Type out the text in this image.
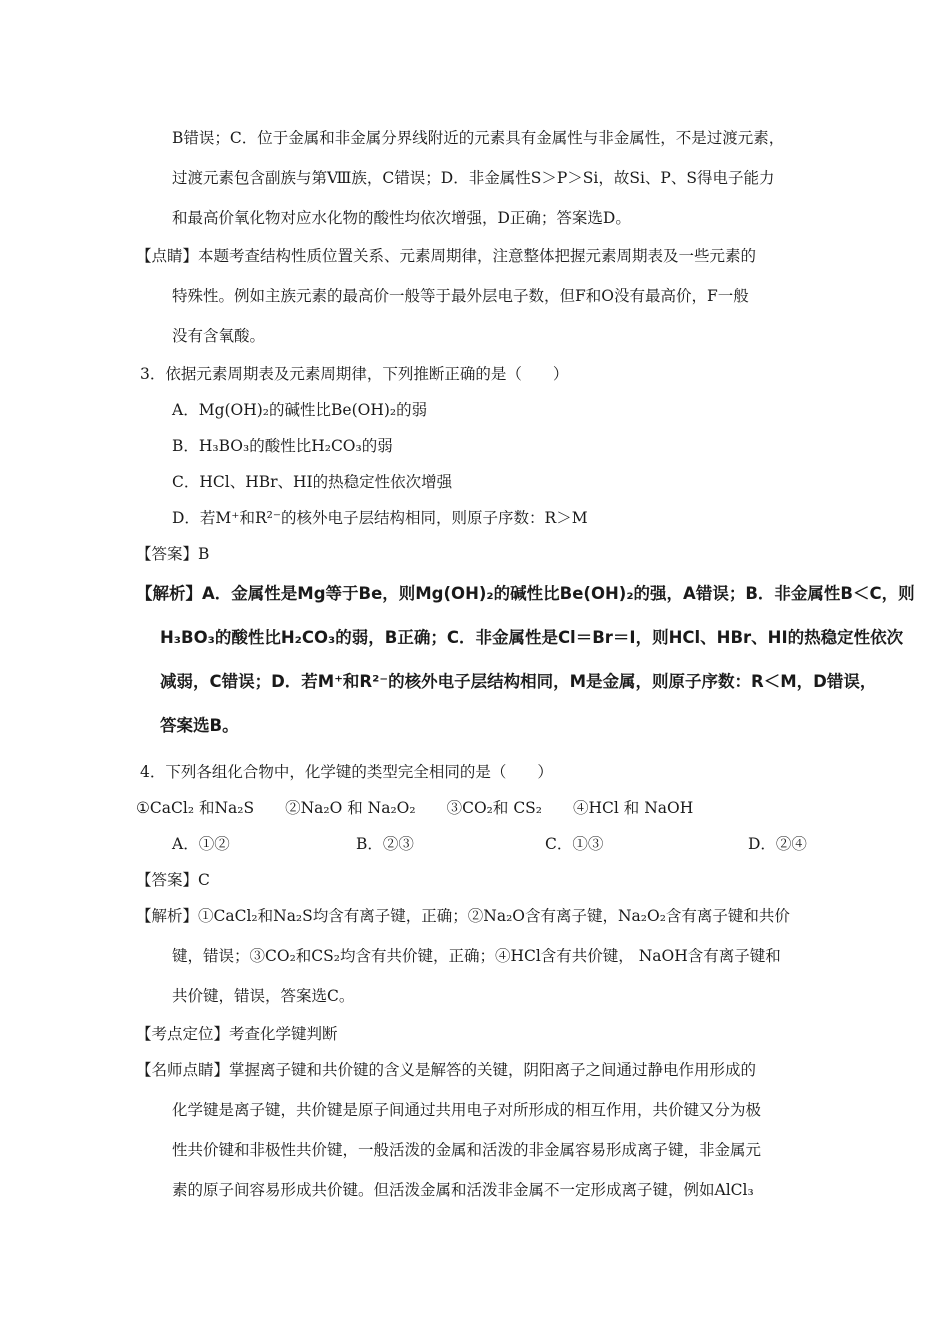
B错误；C．位于金属和非金属分界线附近的元素具有金属性与非金属性，不是过渡元素，
过渡元素包含副族与第Ⅷ族，C错误；D．非金属性S＞P＞Si，故Si、P、S得电子能力
和最高价氧化物对应水化物的酸性均依次增强，D正确；答案选D。
【点睛】本题考查结构性质位置关系、元素周期律，注意整体把握元素周期表及一些元素的
特殊性。例如主族元素的最高价一般等于最外层电子数，但F和O没有最高价，F一般
没有含氧酸。
3．依据元素周期表及元素周期律，下列推断正确的是（　　）
A．Mg(OH)₂的碱性比Be(OH)₂的弱
B．H₃BO₃的酸性比H₂CO₃的弱
C．HCl、HBr、HI的热稳定性依次增强
D．若M⁺和R²⁻的核外电子层结构相同，则原子序数：R＞M
【答案】B
【解析】A．金属性是Mg等于Be，则Mg(OH)₂的碱性比Be(OH)₂的强，A错误；B．非金属性B＜C，则
H₃BO₃的酸性比H₂CO₃的弱，B正确；C．非金属性是Cl＝Br＝I，则HCl、HBr、HI的热稳定性依次
减弱，C错误；D．若M⁺和R²⁻的核外电子层结构相同，M是金属，则原子序数：R＜M，D错误，
答案选B。
4．下列各组化合物中，化学键的类型完全相同的是（　　）
①CaCl₂ 和Na₂S　　②Na₂O 和 Na₂O₂　　③CO₂和 CS₂　　④HCl 和 NaOH
A．①②	B．②③	C．①③	D．②④
【答案】C
【解析】①CaCl₂和Na₂S均含有离子键，正确；②Na₂O含有离子键，Na₂O₂含有离子键和共价
键，错误；③CO₂和CS₂均含有共价键，正确；④HCl含有共价键， NaOH含有离子键和
共价键，错误，答案选C。
【考点定位】考查化学键判断
【名师点睛】掌握离子键和共价键的含义是解答的关键，阴阳离子之间通过静电作用形成的
化学键是离子键，共价键是原子间通过共用电子对所形成的相互作用，共价键又分为极
性共价键和非极性共价键，一般活泼的金属和活泼的非金属容易形成离子键，非金属元
素的原子间容易形成共价键。但活泼金属和活泼非金属不一定形成离子键，例如AlCl₃
